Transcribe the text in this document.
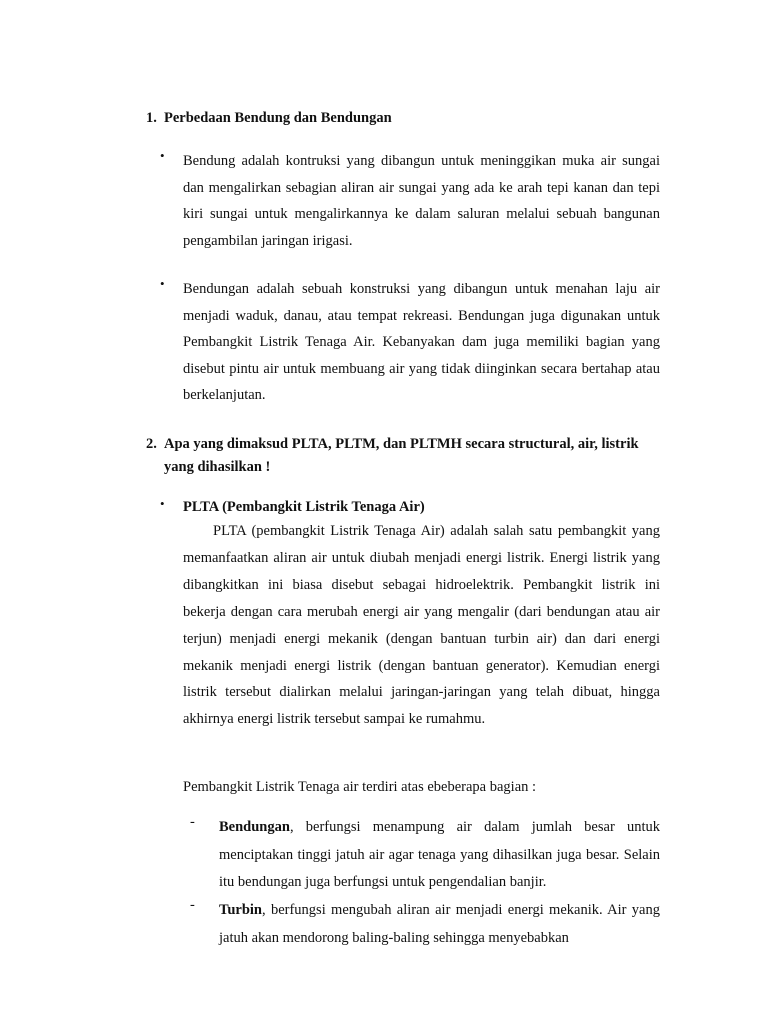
1. Perbedaan Bendung dan Bendungan
• Bendung adalah kontruksi yang dibangun untuk meninggikan muka air sungai dan mengalirkan sebagian aliran air sungai yang ada ke arah tepi kanan dan tepi kiri sungai untuk mengalirkannya ke dalam saluran melalui sebuah bangunan pengambilan jaringan irigasi.
• Bendungan adalah sebuah konstruksi yang dibangun untuk menahan laju air menjadi waduk, danau, atau tempat rekreasi. Bendungan juga digunakan untuk Pembangkit Listrik Tenaga Air. Kebanyakan dam juga memiliki bagian yang disebut pintu air untuk membuang air yang tidak diinginkan secara bertahap atau berkelanjutan.
2. Apa yang dimaksud PLTA, PLTM, dan PLTMH secara structural, air, listrik yang dihasilkan !
• PLTA (Pembangkit Listrik Tenaga Air)
PLTA (pembangkit Listrik Tenaga Air) adalah salah satu pembangkit yang memanfaatkan aliran air untuk diubah menjadi energi listrik. Energi listrik yang dibangkitkan ini biasa disebut sebagai hidroelektrik. Pembangkit listrik ini bekerja dengan cara merubah energi air yang mengalir (dari bendungan atau air terjun) menjadi energi mekanik (dengan bantuan turbin air) dan dari energi mekanik menjadi energi listrik (dengan bantuan generator). Kemudian energi listrik tersebut dialirkan melalui jaringan-jaringan yang telah dibuat, hingga akhirnya energi listrik tersebut sampai ke rumahmu.
Pembangkit Listrik Tenaga air terdiri atas ebeberapa bagian :
- Bendungan, berfungsi menampung air dalam jumlah besar untuk menciptakan tinggi jatuh air agar tenaga yang dihasilkan juga besar. Selain itu bendungan juga berfungsi untuk pengendalian banjir.
- Turbin, berfungsi mengubah aliran air menjadi energi mekanik. Air yang jatuh akan mendorong baling-baling sehingga menyebabkan
